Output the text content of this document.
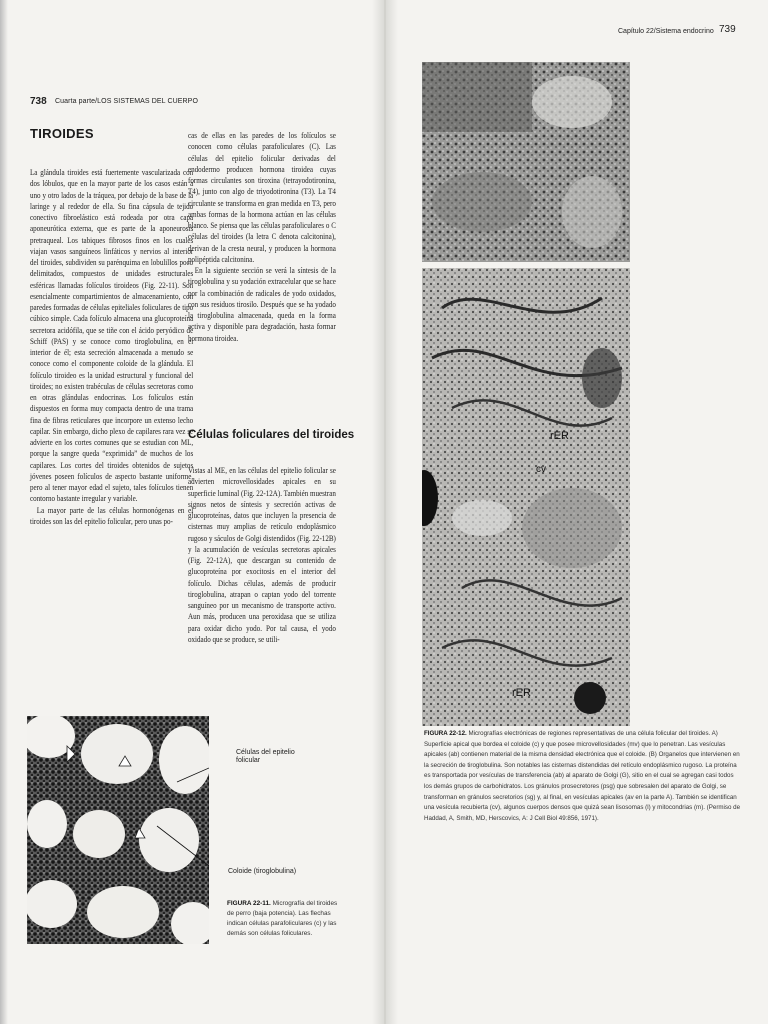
738 Cuarta parte/LOS SISTEMAS DEL CUERPO
TIROIDES

La glándula tiroides está fuertemente vascularizada con dos lóbulos, que en la mayor parte de los casos están a uno y otro lados de la tráquea, por debajo de la base de la laringe y al rededor de ella. Su fina cápsula de tejido conectivo fibroelástico está rodeada por otra capa aponeurótica externa, que es parte de la aponeurosis pretraqueal. Los tabiques fibrosos finos en los cuales viajan vasos sanguíneos linfáticos y nervios al interior del tiroides, subdividen su parénquima en lobulillos poco delimitados, compuestos de unidades estructurales esféricas llamadas folículos tiroideos (Fig. 22-11). Son esencialmente compartimientos de almacenamiento, con paredes formadas de células epiteliales foliculares de tipo cúbico simple. Cada folículo almacena una glucoproteína secretora acidófila, que se tiñe con el ácido peryódico de Schiff (PAS) y se conoce como tiroglobulina, en el interior de él; esta secreción almacenada a menudo se conoce como el componente coloide de la glándula. El folículo tiroideo es la unidad estructural y funcional del tiroides; no existen trabéculas de células secretoras como en otras glándulas endocrinas. Los folículos están dispuestos en forma muy compacta dentro de una trama fina de fibras reticulares que incorpore un extenso lecho capilar. Sin embargo, dicho plexo de capilares rara vez se advierte en los cortes comunes que se estudian con ML, porque la sangre queda “exprimida” de muchos de los capilares. Los cortes del tiroides obtenidos de sujetos jóvenes poseen folículos de aspecto bastante uniforme, pero al tener mayor edad el sujeto, tales folículos tienen contorno bastante irregular y variable.

La mayor parte de las células hormonógenas en el tiroides son las del epitelio folicular, pero unas po-

cas de ellas en las paredes de los folículos se conocen como células parafoliculares (C). Las células del epitelio folicular derivadas del endodermo producen hormona tiroidea cuyas formas circulantes son tiroxina (tetrayodotironina, T4), junto con algo de triyodotironina (T3). La T4 circulante se transforma en gran medida en T3, pero ambas formas de la hormona actúan en las células blanco. Se piensa que las células parafoliculares o C células del tiroides (la letra C denota calcitonina), derivan de la cresta neural, y producen la hormona polipéptida calcitonina.

En la siguiente sección se verá la síntesis de la tiroglobulina y su yodación extracelular que se hace por la combinación de radicales de yodo oxidados, con sus residuos tirosilo. Después que se ha yodado la tiroglobulina almacenada, queda en la forma activa y disponible para degradación, hasta formar hormona tiroidea.

Células foliculares del tiroides

Vistas al ME, en las células del epitelio folicular se advierten microvellosidades apicales en su superficie luminal (Fig. 22-12A). También muestran signos netos de síntesis y secreción activas de glucoproteínas, datos que incluyen la presencia de cisternas muy amplias de retículo endoplásmico rugoso y sáculos de Golgi distendidos (Fig. 22-12B) y la acumulación de vesículas secretoras apicales (Fig. 22-12A), que descargan su contenido de glucoproteína por exocitosis en el interior del folículo. Dichas células, además de producir tiroglobulina, atrapan o captan yodo del torrente sanguíneo por un mecanismo de transporte activo. Aun más, producen una peroxidasa que se utiliza para oxidar dicho yodo. Por tal causa, el yodo oxidado que se produce, se utili-

Células del epitelio folicular
Coloide (tiroglobulina)
FIGURA 22-11. Micrografía del tiroides de perro (baja potencia). Las flechas indican células parafoliculares (c) y las demás son células foliculares.
Capítulo 22/Sistema endocrino 739
rER
cv
rER
FIGURA 22-12. Micrografías electrónicas de regiones representativas de una célula folicular del tiroides. A) Superficie apical que bordea el coloide (c) y que posee microvellosidades (mv) que lo penetran. Las vesículas apicales (ab) contienen material de la misma densidad electrónica que el coloide. (B) Organelos que intervienen en la secreción de tiroglobulina. Son notables las cisternas distendidas del retículo endoplásmico rugoso. La proteína es transportada por vesículas de transferencia (ab) al aparato de Golgi (G), sitio en el cual se agregan casi todos los demás grupos de carbohidratos. Los gránulos prosecretores (psg) que sobresalen del aparato de Golgi, se transforman en gránulos secretorios (sg) y, al final, en vesículas apicales (av en la parte A). También se identifican una vesícula recubierta (cv), algunos cuerpos densos que quizá sean lisosomas (l) y mitocondrias (m). (Permiso de Haddad, A, Smith, MD, Herscovics, A: J Cell Biol 49:856, 1971).
